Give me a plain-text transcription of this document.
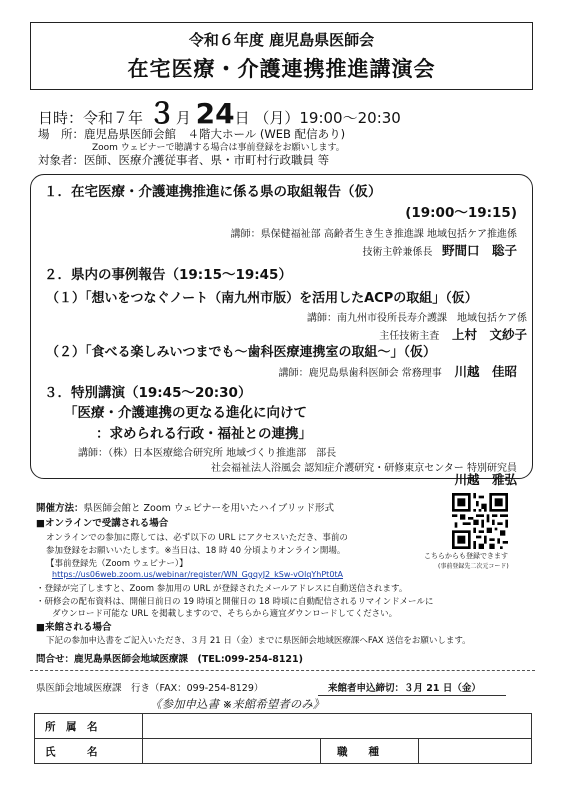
令和６年度 鹿児島県医師会
在宅医療・介護連携推進講演会
日時：令和７年 ３月 24日 （月）19:00〜20:30
場　所：鹿児島県医師会館　４階大ホール (WEB 配信あり)
Zoom ウェビナーで聴講する場合は事前登録をお願いします。
対象者：医師、医療介護従事者、県・市町村行政職員 等
１．在宅医療・介護連携推進に係る県の取組報告（仮）
(19:00〜19:15)
講師：県保健福祉部 高齢者生き生き推進課 地域包括ケア推進係
技術主幹兼係長 野間口　聡子
２．県内の事例報告（19:15〜19:45）
（１）「想いをつなぐノート（南九州市版）を活用したACPの取組」（仮）
講師：南九州市役所長寿介護課　地域包括ケア係
主任技術主査 上村　文紗子
（２）「食べる楽しみいつまでも〜歯科医療連携室の取組〜」（仮）
講師：鹿児島県歯科医師会 常務理事 川越　佳昭
３．特別講演（19:45〜20:30）
「医療・介護連携の更なる進化に向けて
：求められる行政・福祉との連携」
講師：（株）日本医療総合研究所 地域づくり推進部　部長
社会福祉法人浴風会 認知症介護研究・研修東京センター 特別研究員
川越　雅弘
開催方法：県医師会館と Zoom ウェビナーを用いたハイブリッド形式
■オンラインで受講される場合
オンラインでの参加に際しては、必ず以下の URL にアクセスいただき、事前の
参加登録をお願いいたします。※当日は、18 時 40 分頃よりオンライン開場。
【事前登録先（Zoom ウェビナー）】
https://us06web.zoom.us/webinar/register/WN_GgqyJ2_kSw-vOlqYhPt0tA
こちらからも登録できます
(事前登録先二次元コード)
・登録が完了しますと、Zoom 参加用の URL が登録されたメールアドレスに自動送信されます。
・研修会の配布資料は、開催日前日の 19 時頃と開催日の 18 時頃に自動配信されるリマインドメールに
ダウンロード可能な URL を掲載しますので、そちらから適宜ダウンロードしてください。
■来館される場合
下記の参加申込書をご記入いただき、３月 21 日（金）までに県医師会地域医療課へFAX 送信をお願いします。
問合せ：鹿児島県医師会地域医療課　(TEL:099-254-8121)
県医師会地域医療課　行き（FAX：099-254-8129）	来館者申込締切：３月 21 日（金）
《参加申込書 ※来館希望者のみ》
所　属　名			
氏　　　名		職　　種	
